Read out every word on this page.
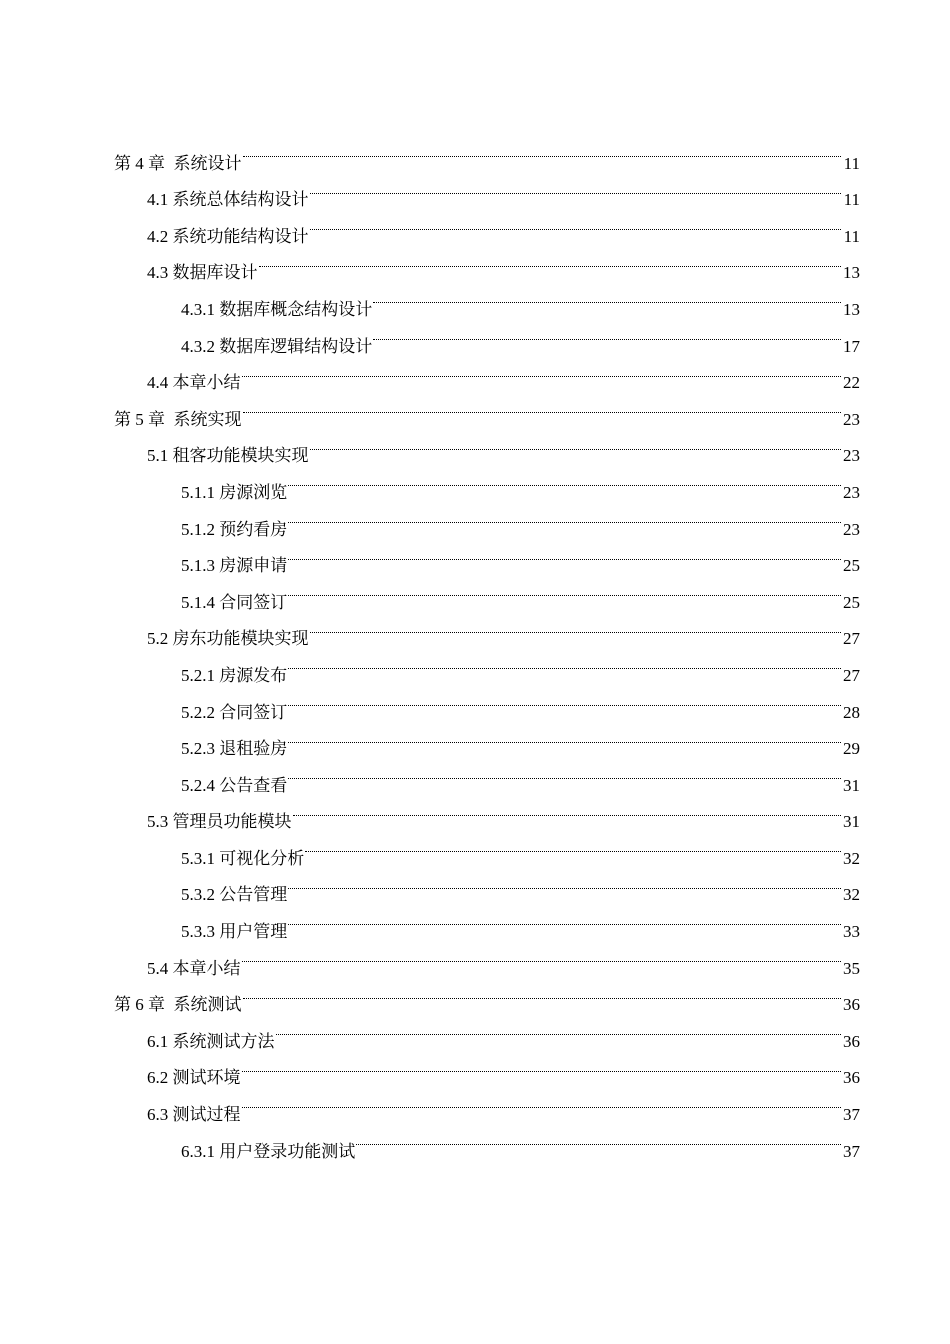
第 4 章  系统设计	11
4.1 系统总体结构设计	11
4.2 系统功能结构设计	11
4.3 数据库设计	13
4.3.1 数据库概念结构设计	13
4.3.2 数据库逻辑结构设计	17
4.4 本章小结	22
第 5 章  系统实现	23
5.1 租客功能模块实现	23
5.1.1 房源浏览	23
5.1.2 预约看房	23
5.1.3 房源申请	25
5.1.4 合同签订	25
5.2 房东功能模块实现	27
5.2.1 房源发布	27
5.2.2 合同签订	28
5.2.3 退租验房	29
5.2.4 公告查看	31
5.3 管理员功能模块	31
5.3.1 可视化分析	32
5.3.2 公告管理	32
5.3.3 用户管理	33
5.4 本章小结	35
第 6 章  系统测试	36
6.1 系统测试方法	36
6.2 测试环境	36
6.3 测试过程	37
6.3.1 用户登录功能测试	37
